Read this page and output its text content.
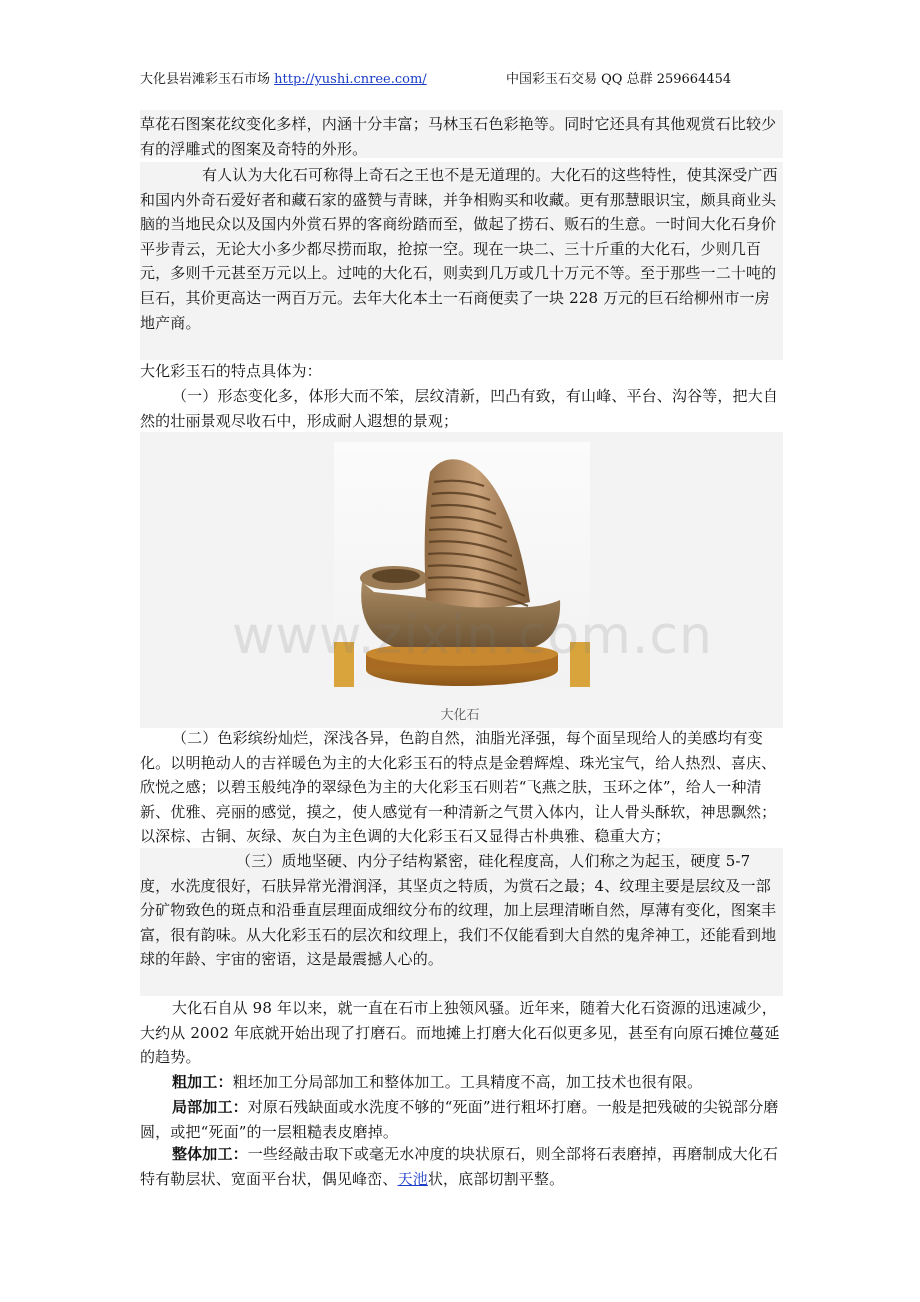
大化县岩滩彩玉石市场 http://yushi.cnree.com/	中国彩玉石交易 QQ 总群 259664454

草花石图案花纹变化多样，内涵十分丰富；马林玉石色彩艳等。同时它还具有其他观赏石比较少有的浮雕式的图案及奇特的外形。

有人认为大化石可称得上奇石之王也不是无道理的。大化石的这些特性，使其深受广西和国内外奇石爱好者和藏石家的盛赞与青睐，并争相购买和收藏。更有那慧眼识宝，颇具商业头脑的当地民众以及国内外赏石界的客商纷踏而至，做起了捞石、贩石的生意。一时间大化石身价平步青云，无论大小多少都尽捞而取，抢掠一空。现在一块二、三十斤重的大化石，少则几百元，多则千元甚至万元以上。过吨的大化石，则卖到几万或几十万元不等。至于那些一二十吨的巨石，其价更高达一两百万元。去年大化本土一石商便卖了一块 228 万元的巨石给柳州市一房地产商。

大化彩玉石的特点具体为：

（一）形态变化多，体形大而不笨，层纹清新，凹凸有致，有山峰、平台、沟谷等，把大自然的壮丽景观尽收石中，形成耐人遐想的景观；

www.zixin.com.cn
大化石

（二）色彩缤纷灿烂，深浅各异，色韵自然，油脂光泽强，每个面呈现给人的美感均有变化。以明艳动人的吉祥暖色为主的大化彩玉石的特点是金碧辉煌、珠光宝气，给人热烈、喜庆、欣悦之感；以碧玉般纯净的翠绿色为主的大化彩玉石则若“飞燕之肤，玉环之体”，给人一种清新、优雅、亮丽的感觉，摸之，使人感觉有一种清新之气贯入体内，让人骨头酥软，神思飘然；以深棕、古铜、灰绿、灰白为主色调的大化彩玉石又显得古朴典雅、稳重大方；

（三）质地坚硬、内分子结构紧密，硅化程度高，人们称之为起玉，硬度 5-7 度，水洗度很好，石肤异常光滑润泽，其坚贞之特质，为赏石之最；4、纹理主要是层纹及一部分矿物致色的斑点和沿垂直层理面成细纹分布的纹理，加上层理清晰自然，厚薄有变化，图案丰富，很有韵味。从大化彩玉石的层次和纹理上，我们不仅能看到大自然的鬼斧神工，还能看到地球的年龄、宇宙的密语，这是最震撼人心的。

大化石自从 98 年以来，就一直在石市上独领风骚。近年来，随着大化石资源的迅速减少，大约从 2002 年底就开始出现了打磨石。而地摊上打磨大化石似更多见，甚至有向原石摊位蔓延的趋势。

粗加工：粗坯加工分局部加工和整体加工。工具精度不高，加工技术也很有限。

局部加工：对原石残缺面或水洗度不够的“死面”进行粗坏打磨。一般是把残破的尖锐部分磨圆，或把“死面”的一层粗糙表皮磨掉。

整体加工：一些经敲击取下或毫无水冲度的块状原石，则全部将石表磨掉，再磨制成大化石特有勒层状、宽面平台状，偶见峰峦、天池状，底部切割平整。
